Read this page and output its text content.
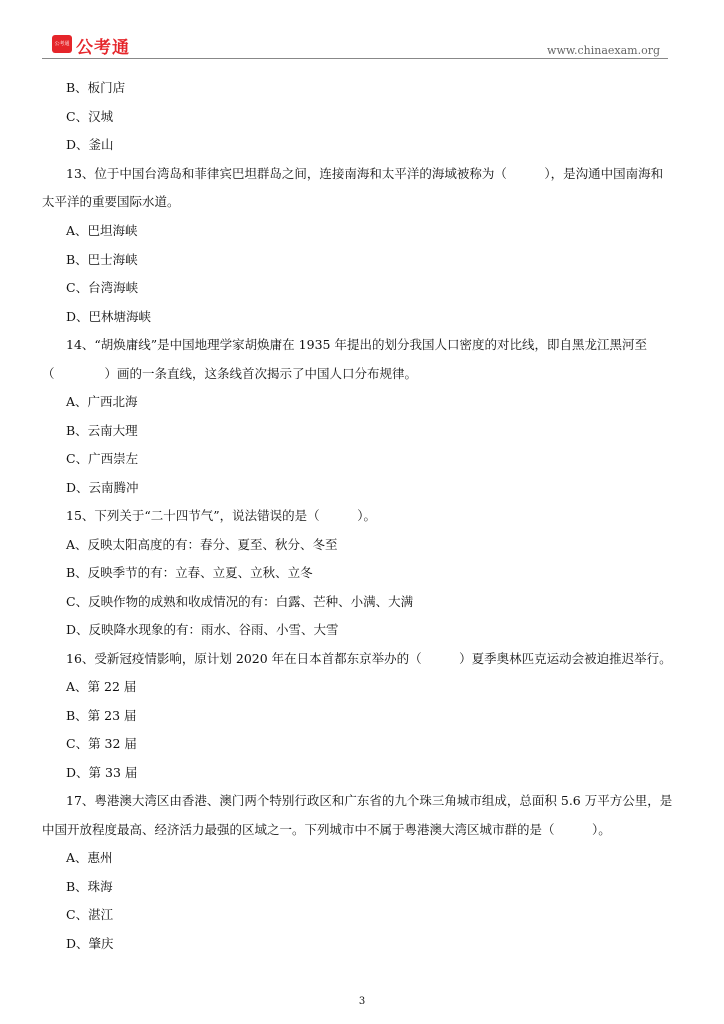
公考通 公考通	www.chinaexam.org
B、板门店
C、汉城
D、釜山
13、位于中国台湾岛和菲律宾巴坦群岛之间，连接南海和太平洋的海域被称为（　　　），是沟通中国南海和
太平洋的重要国际水道。
A、巴坦海峡
B、巴士海峡
C、台湾海峡
D、巴林塘海峡
14、“胡焕庸线”是中国地理学家胡焕庸在 1935 年提出的划分我国人口密度的对比线，即自黑龙江黑河至
（　　　　）画的一条直线，这条线首次揭示了中国人口分布规律。
A、广西北海
B、云南大理
C、广西崇左
D、云南腾冲
15、下列关于“二十四节气”，说法错误的是（　　　）。
A、反映太阳高度的有：春分、夏至、秋分、冬至
B、反映季节的有：立春、立夏、立秋、立冬
C、反映作物的成熟和收成情况的有：白露、芒种、小满、大满
D、反映降水现象的有：雨水、谷雨、小雪、大雪
16、受新冠疫情影响，原计划 2020 年在日本首都东京举办的（　　　）夏季奥林匹克运动会被迫推迟举行。
A、第 22 届
B、第 23 届
C、第 32 届
D、第 33 届
17、粤港澳大湾区由香港、澳门两个特别行政区和广东省的九个珠三角城市组成，总面积 5.6 万平方公里，是
中国开放程度最高、经济活力最强的区域之一。下列城市中不属于粤港澳大湾区城市群的是（　　　）。
A、惠州
B、珠海
C、湛江
D、肇庆
3
